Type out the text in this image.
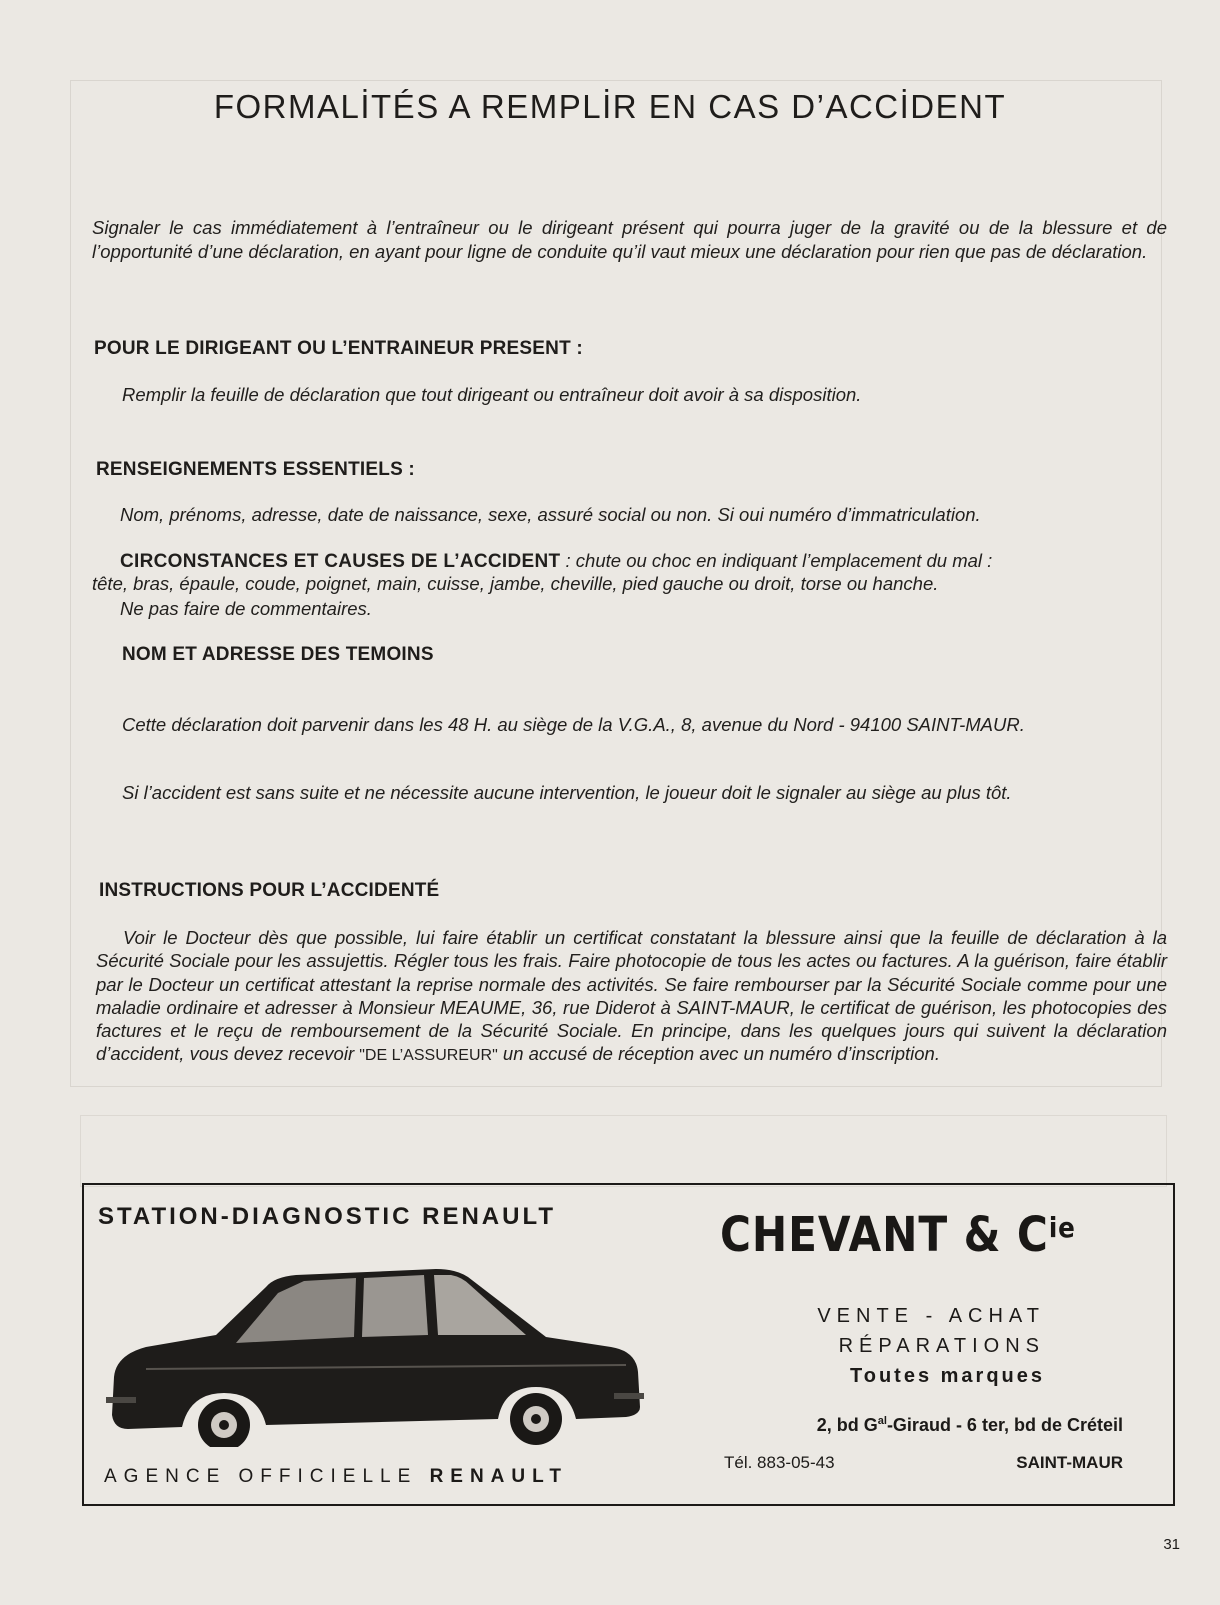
FORMALİTÉS A REMPLİR EN CAS D’ACCİDENT

Signaler le cas immédiatement à l’entraîneur ou le dirigeant présent qui pourra juger de la gravité ou de la blessure et de l’opportunité d’une déclaration, en ayant pour ligne de conduite qu’il vaut mieux une déclaration pour rien que pas de déclaration.

POUR LE DIRIGEANT OU L’ENTRAINEUR PRESENT :

Remplir la feuille de déclaration que tout dirigeant ou entraîneur doit avoir à sa disposition.

RENSEIGNEMENTS ESSENTIELS :

Nom, prénoms, adresse, date de naissance, sexe, assuré social ou non. Si oui numéro d’immatriculation.

CIRCONSTANCES ET CAUSES DE L’ACCIDENT : chute ou choc en indiquant l’emplacement du mal :

tête, bras, épaule, coude, poignet, main, cuisse, jambe, cheville, pied gauche ou droit, torse ou hanche.

Ne pas faire de commentaires.

NOM ET ADRESSE DES TEMOINS

Cette déclaration doit parvenir dans les 48 H. au siège de la V.G.A., 8, avenue du Nord - 94100 SAINT-MAUR.

Si l’accident est sans suite et ne nécessite aucune intervention, le joueur doit le signaler au siège au plus tôt.

INSTRUCTIONS POUR L’ACCIDENTÉ

Voir le Docteur dès que possible, lui faire établir un certificat constatant la blessure ainsi que la feuille de déclaration à la Sécurité Sociale pour les assujettis. Régler tous les frais. Faire photocopie de tous les actes ou factures. A la guérison, faire établir par le Docteur un certificat attestant la reprise normale des activités. Se faire rembourser par la Sécurité Sociale comme pour une maladie ordinaire et adresser à Monsieur MEAUME, 36, rue Diderot à SAINT-MAUR, le certificat de guérison, les photocopies des factures et le reçu de remboursement de la Sécurité Sociale. En principe, dans les quelques jours qui suivent la déclaration d’accident, vous devez recevoir "DE L’ASSUREUR" un accusé de réception avec un numéro d’inscription.

STATION-DIAGNOSTIC RENAULT
AGENCE OFFICIELLE RENAULT
CHEVANT & $C^{ie}$
VENTE - ACHAT
RÉPARATIONS
Toutes marques
2, bd $G^{al}$-Giraud - 6 ter, bd de Créteil
Tél. 883-05-43	SAINT-MAUR
31
